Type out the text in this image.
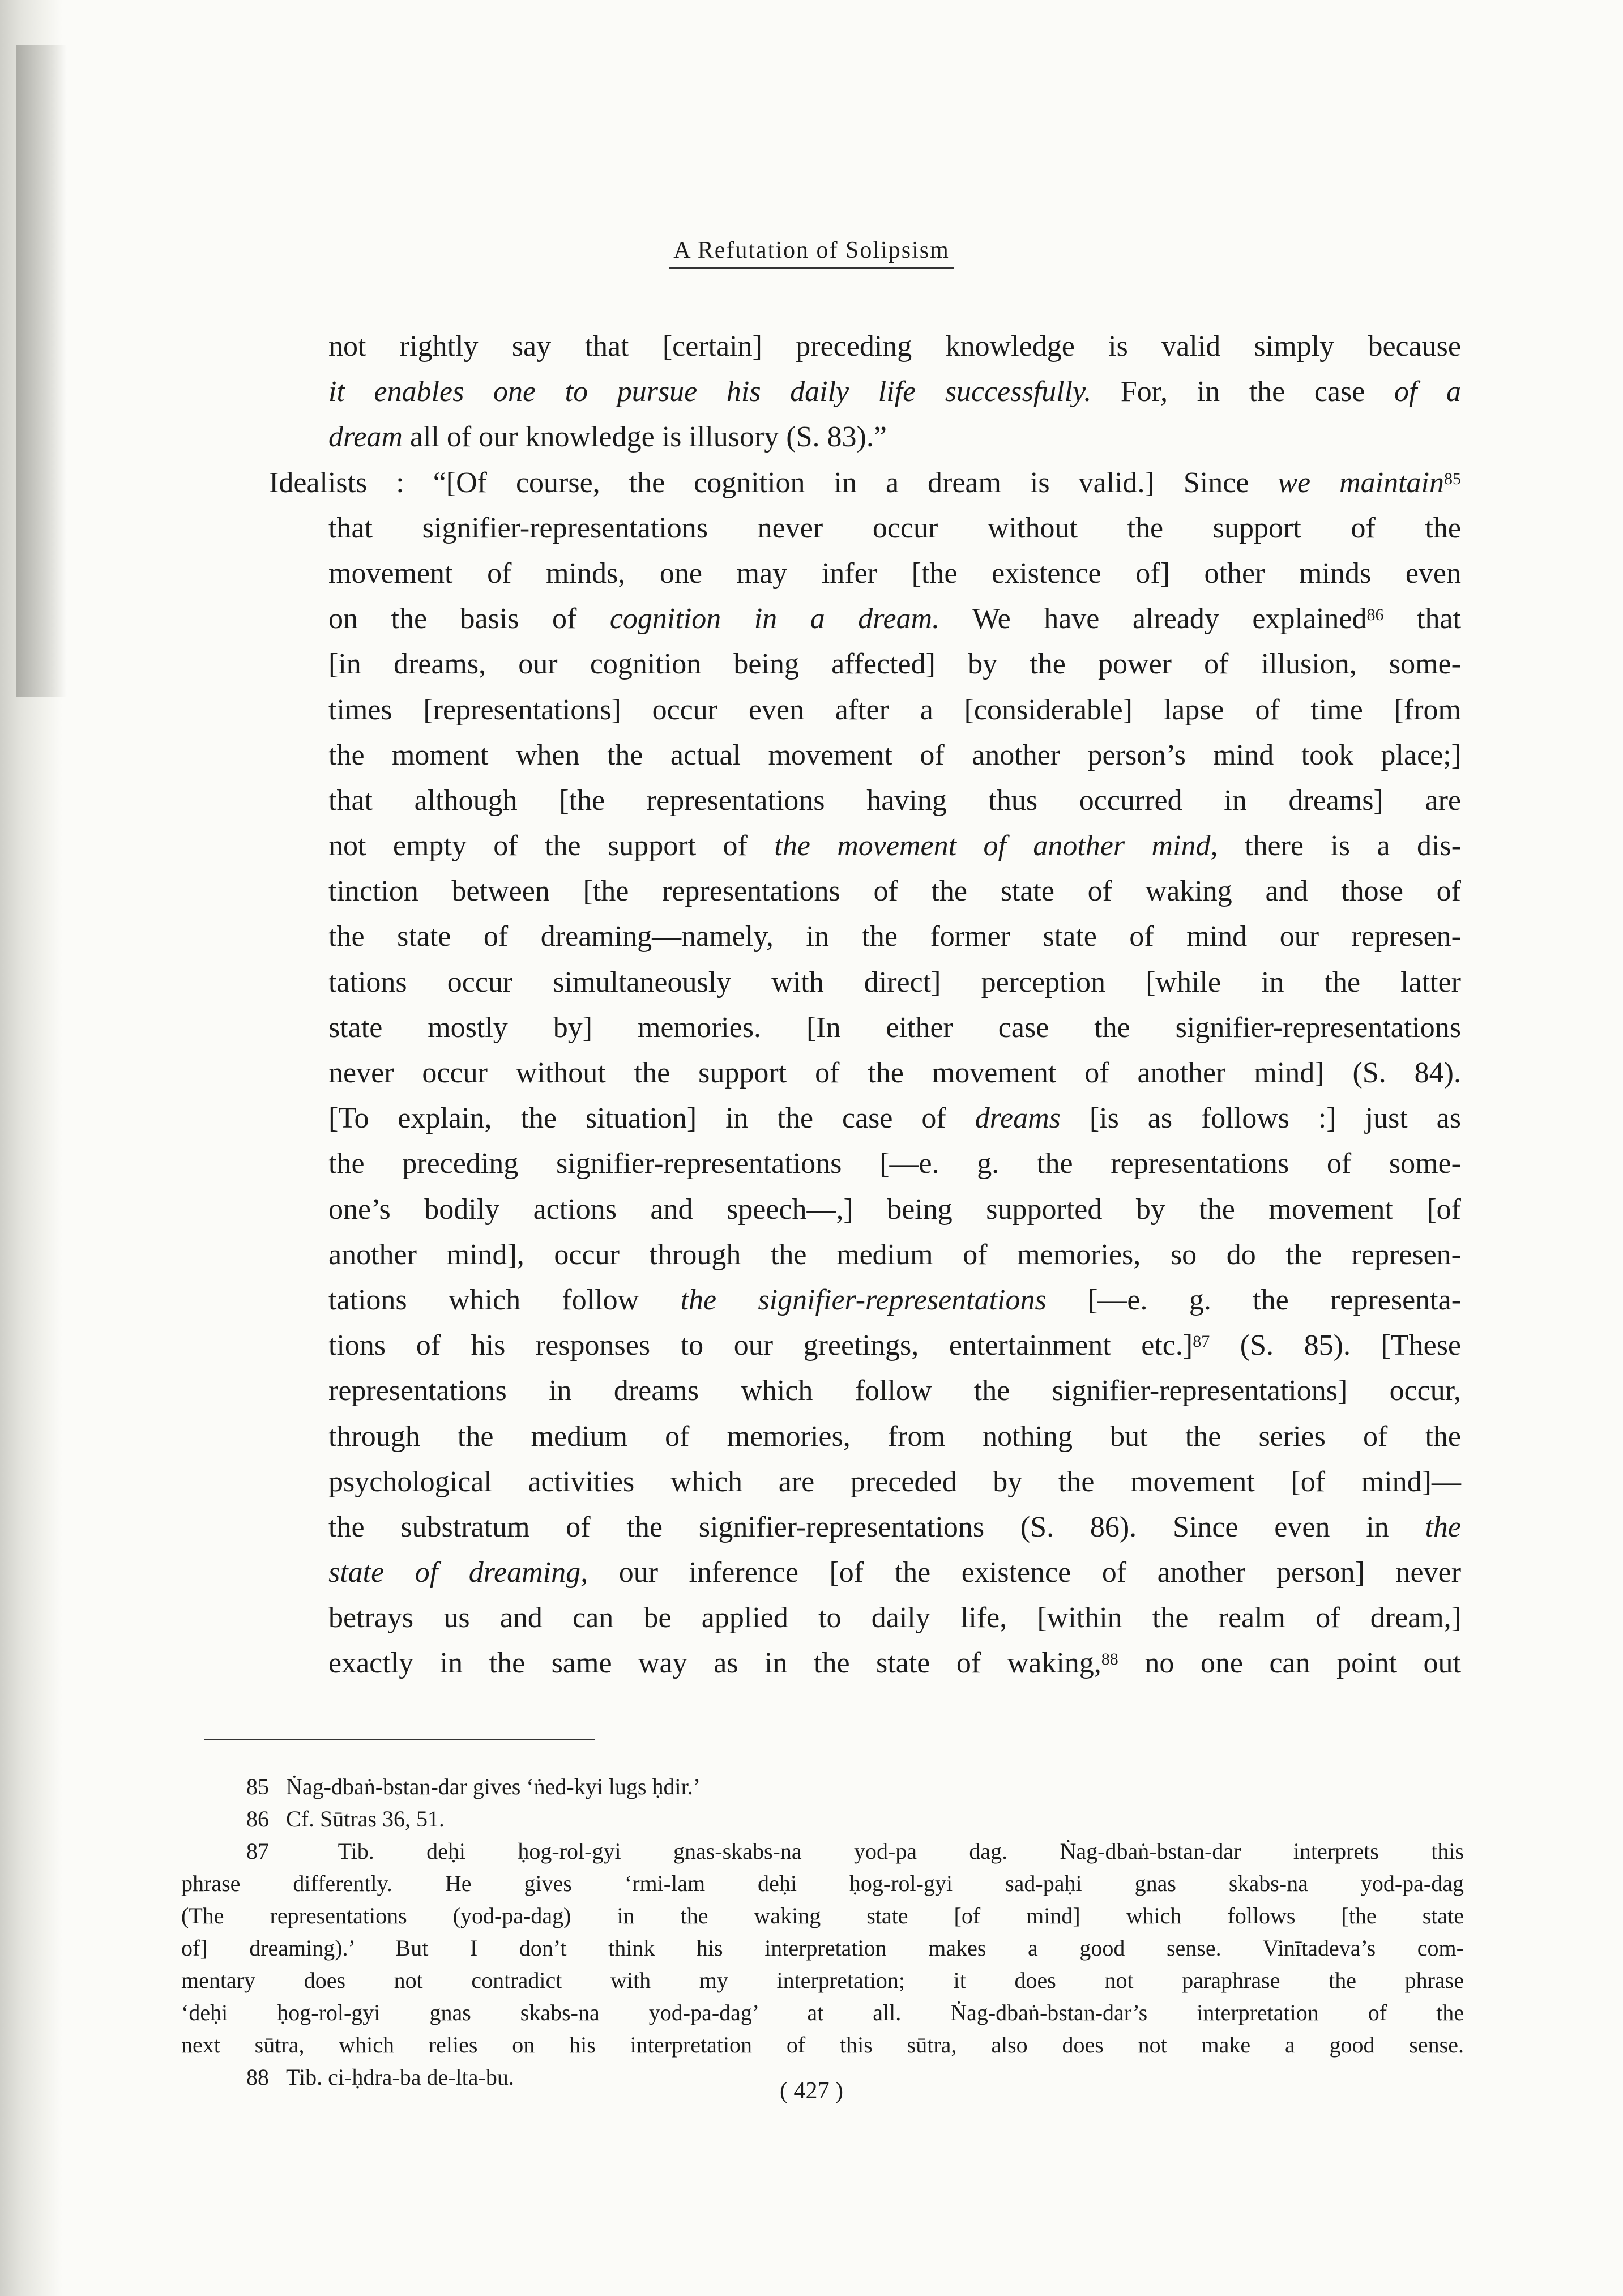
A Refutation of Solipsism
not rightly say that [certain] preceding knowledge is valid simply because
it enables one to pursue his daily life successfully. For, in the case of a
dream all of our knowledge is illusory (S. 83).”
Idealists : “[Of course, the cognition in a dream is valid.] Since we maintain$^{85}$
that signifier-representations never occur without the support of the
movement of minds, one may infer [the existence of] other minds even
on the basis of cognition in a dream. We have already explained$^{86}$ that
[in dreams, our cognition being affected] by the power of illusion, some-
times [representations] occur even after a [considerable] lapse of time [from
the moment when the actual movement of another person’s mind took place;]
that although [the representations having thus occurred in dreams] are
not empty of the support of the movement of another mind, there is a dis-
tinction between [the representations of the state of waking and those of
the state of dreaming—namely, in the former state of mind our represen-
tations occur simultaneously with direct] perception [while in the latter
state mostly by] memories. [In either case the signifier-representations
never occur without the support of the movement of another mind] (S. 84).
[To explain, the situation] in the case of dreams [is as follows :] just as
the preceding signifier-representations [—e. g. the representations of some-
one’s bodily actions and speech—,] being supported by the movement [of
another mind], occur through the medium of memories, so do the represen-
tations which follow the signifier-representations [—e. g. the representa-
tions of his responses to our greetings, entertainment etc.]$^{87}$ (S. 85). [These
representations in dreams which follow the signifier-representations] occur,
through the medium of memories, from nothing but the series of the
psychological activities which are preceded by the movement [of mind]—
the substratum of the signifier-representations (S. 86). Since even in the
state of dreaming, our inference [of the existence of another person] never
betrays us and can be applied to daily life, [within the realm of dream,]
exactly in the same way as in the state of waking,$^{88}$ no one can point out
85 Ṅag-dbaṅ-bstan-dar gives ‘ṅed-kyi lugs ḥdir.’
86 Cf. Sūtras 36, 51.
87	Tib. deḥi ḥog-rol-gyi gnas-skabs-na yod-pa dag. Ṅag-dbaṅ-bstan-dar interprets this
phrase differently. He gives ‘rmi-lam deḥi ḥog-rol-gyi sad-paḥi gnas skabs-na yod-pa-dag
(The representations (yod-pa-dag) in the waking state [of mind] which follows [the state
of] dreaming).’ But I don’t think his interpretation makes a good sense. Vinītadeva’s com-
mentary does not contradict with my interpretation; it does not paraphrase the phrase
‘deḥi ḥog-rol-gyi gnas skabs-na yod-pa-dag’ at all. Ṅag-dbaṅ-bstan-dar’s interpretation of the
next sūtra, which relies on his interpretation of this sūtra, also does not make a good sense.
88 Tib. ci-ḥdra-ba de-lta-bu.
( 427 )
